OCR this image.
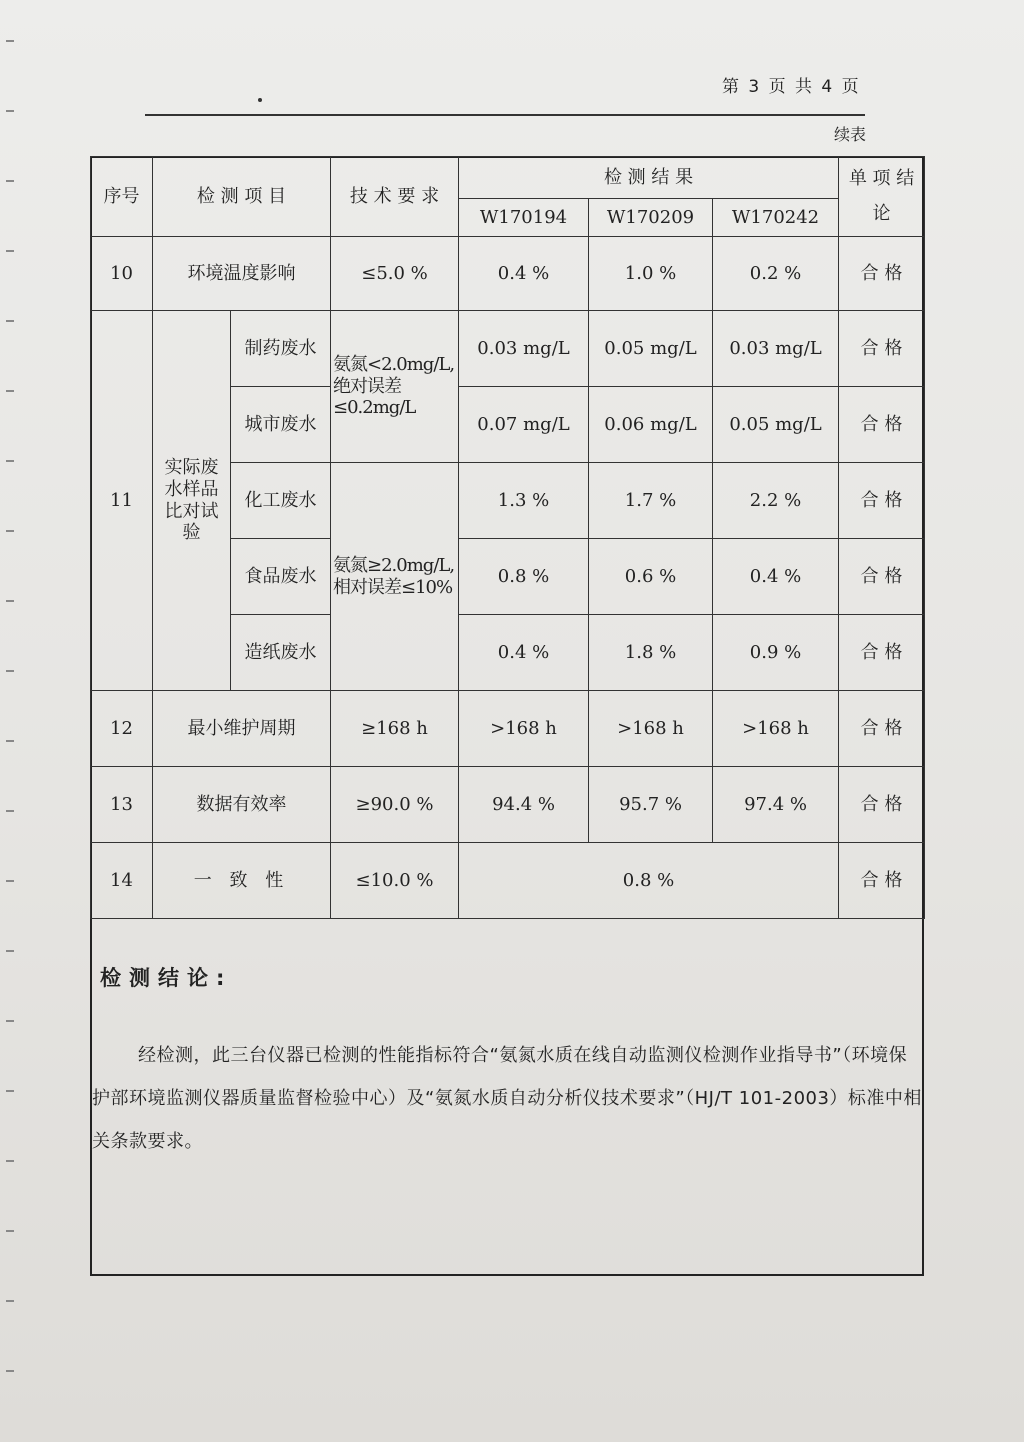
第 3 页 共 4 页
续表
序号	检 测 项 目		技 术 要 求	检 测 结 果			单 项 结 论
				W170194	W170209	W170242	
10	环境温度影响		≤5.0 %	0.4 %	1.0 %	0.2 %	合 格
11	实际废水样品比对试验	制药废水	氨氮<2.0mg/L,绝对误差≤0.2mg/L	0.03 mg/L	0.05 mg/L	0.03 mg/L	合 格
		城市废水		0.07 mg/L	0.06 mg/L	0.05 mg/L	合 格
		化工废水	氨氮≥2.0mg/L,相对误差≤10%	1.3 %	1.7 %	2.2 %	合 格
		食品废水		0.8 %	0.6 %	0.4 %	合 格
		造纸废水		0.4 %	1.8 %	0.9 %	合 格
12	最小维护周期		≥168 h	>168 h	>168 h	>168 h	合 格
13	数据有效率		≥90.0 %	94.4 %	95.7 %	97.4 %	合 格
14	一 致 性		≤10.0 %	0.8 %			合 格
检测结论:
经检测，此三台仪器已检测的性能指标符合“氨氮水质在线自动监测仪检测作业指导书”（环境保护部环境监测仪器质量监督检验中心）及“氨氮水质自动分析仪技术要求”（HJ/T 101-2003）标准中相关条款要求。
